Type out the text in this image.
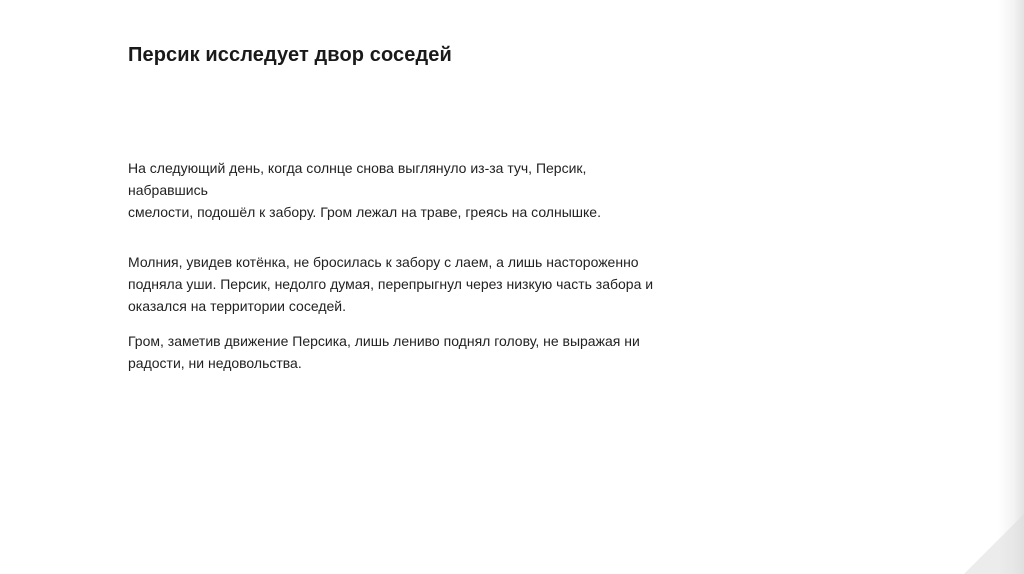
Персик исследует двор соседей

На следующий день, когда солнце снова выглянуло из-за туч, Персик, набравшись
смелости, подошёл к забору. Гром лежал на траве, греясь на солнышке.

Молния, увидев котёнка, не бросилась к забору с лаем, а лишь настороженно
подняла уши. Персик, недолго думая, перепрыгнул через низкую часть забора и
оказался на территории соседей.

Гром, заметив движение Персика, лишь лениво поднял голову, не выражая ни
радости, ни недовольства.
